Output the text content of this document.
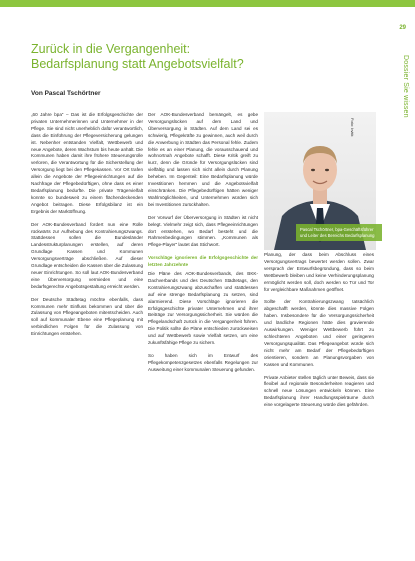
29
Dossier Sie wissen
Zurück in die Vergangenheit:
Bedarfsplanung statt Angebotsvielfalt?
Von Pascal Tschörtner

„60 Jahre bpa“ – Das ist die Erfolgsgeschichte der privaten Unternehmerinnen und Unternehmer in der Pflege. Sie sind nicht unerheblich dafür verantwortlich, dass die Einführung der Pflegeversicherung gelungen ist. Nebenher entstanden Vielfalt, Wettbewerb und neue Angebote, deren Wachstum bis heute anhält. Die Kommunen haben damit ihre frühere Steuerungsrolle verloren, die Verantwortung für die Sicherstellung der Versorgung liegt bei den Pflegekassen. Vor Ort trafen allein die Angebote der Pflegeeinrichtungen auf die Nachfrage der Pflegebedürftigen, ohne dass es einer Bedarfsplanung bedurfte. Die private Trägervielfalt konnte so bundesweit zu einem flächendeckenden Angebot beitragen. Diese Erfolgsbilanz ist ein Ergebnis der Marktöffnung.

Der AOK-Bundesverband fordert nun eine Rolle rückwärts zur Aufhebung des Kontrahierungszwangs. Stattdessen sollen die Bundesländer Landesstrukturplanungen erstellen, auf deren Grundlage Kassen und Kommunen Versorgungsverträge abschließen. Auf dieser Grundlage entscheiden die Kassen über die Zulassung neuer Einrichtungen. So soll laut AOK-Bundesverband eine Überversorgung vermieden und eine bedarfsgerechte Angebotsgestaltung erreicht werden.

Der Deutsche Städtetag möchte ebenfalls, dass Kommunen mehr Einfluss bekommen und über die Zulassung von Pflegeangeboten mitentscheiden. Auch soll auf kommunaler Ebene eine Pflegeplanung mit verbindlichen Folgen für die Zulassung von Einrichtungen entstehen.

Der AOK-Bundesverband bemängelt, es gebe Versorgungslücken auf dem Land und Überversorgung in Städten. Auf dem Land sei es schwierig, Pflegekräfte zu gewinnen, auch weil durch die Anwerbung in Städten das Personal fehle. Zudem fehle es an einer Planung, die vorausschauend und wohnortnah Angebote schafft. Diese Kritik greift zu kurz, denn die Gründe für Versorgungslücken sind vielfältig und lassen sich nicht allein durch Planung beheben. Im Gegenteil: Eine Bedarfsplanung würde Investitionen hemmen und die Angebotsvielfalt einschränken. Die Pflegebedürftigen hätten weniger Wahlmöglichkeiten, und Unternehmen würden sich bei Investitionen zurückhalten.

Der Vorwurf der Überversorgung in Städten ist nicht belegt. Vielmehr zeigt sich, dass Pflegeeinrichtungen dort entstehen, wo Bedarf besteht und die Rahmenbedingungen stimmen. „Kommunen als Pflege-Player“ lautet das Stichwort.

Vorschläge ignorieren die Erfolgsgeschichte der letzten Jahrzehnte

Die Pläne des AOK-Bundesverbands, des BKK-Dachverbands und des Deutschen Städtetags, den Kontrahierungszwang abzuschaffen und stattdessen auf eine strenge Bedarfsplanung zu setzen, sind alarmierend. Diese Vorschläge ignorieren die Erfolgsgeschichte privater Unternehmen und ihrer Beiträge zur Versorgungssicherheit. Sie würden die Pflegelandschaft zurück in die Vergangenheit führen. Die Politik sollte die Pläne entschieden zurückweisen und auf Wettbewerb sowie Vielfalt setzen, um eine zukunftsfähige Pflege zu sichern.

So haben sich im Entwurf des Pflegekompetenzgesetzes ebenfalls Regelungen zur Ausweitung einer kommunalen Steuerung gefunden.

Foto: bvkk
Pascal Tschörtner, bpa-Geschäftsführer und Leiter des Bereichs Bedarfsplanung

Planung, der dass beim Abschluss eines Versorgungsvertrags bewertet werden sollen. Zwar versprach der Entwurfsbegründung, dass so beim Wettbewerb bleiben und keine Verhinderungsplanung ermöglicht werden soll, doch werden so Tür und Tor für vergleichbare Maßnahmen geöffnet.

Sollte der Kontrahierungszwang tatsächlich abgeschafft werden, könnte dies massive Folgen haben. Insbesondere für die Versorgungssicherheit und ländliche Regionen hätte dies gravierende Auswirkungen. Weniger Wettbewerb führt zu schlechteren Angeboten und einer geringeren Versorgungsqualität. Das Pflegeangebot würde sich nicht mehr am Bedarf der Pflegebedürftigen orientieren, sondern an Planungsvorgaben von Kassen und Kommunen.

Private Anbieter stellen täglich unter Beweis, dass sie flexibel auf regionale Besonderheiten reagieren und schnell neue Lösungen entwickeln können. Eine Bedarfsplanung ihrer Handlungsspielräume durch eine vorgelagerte Steuerung würde dies gefährden.
